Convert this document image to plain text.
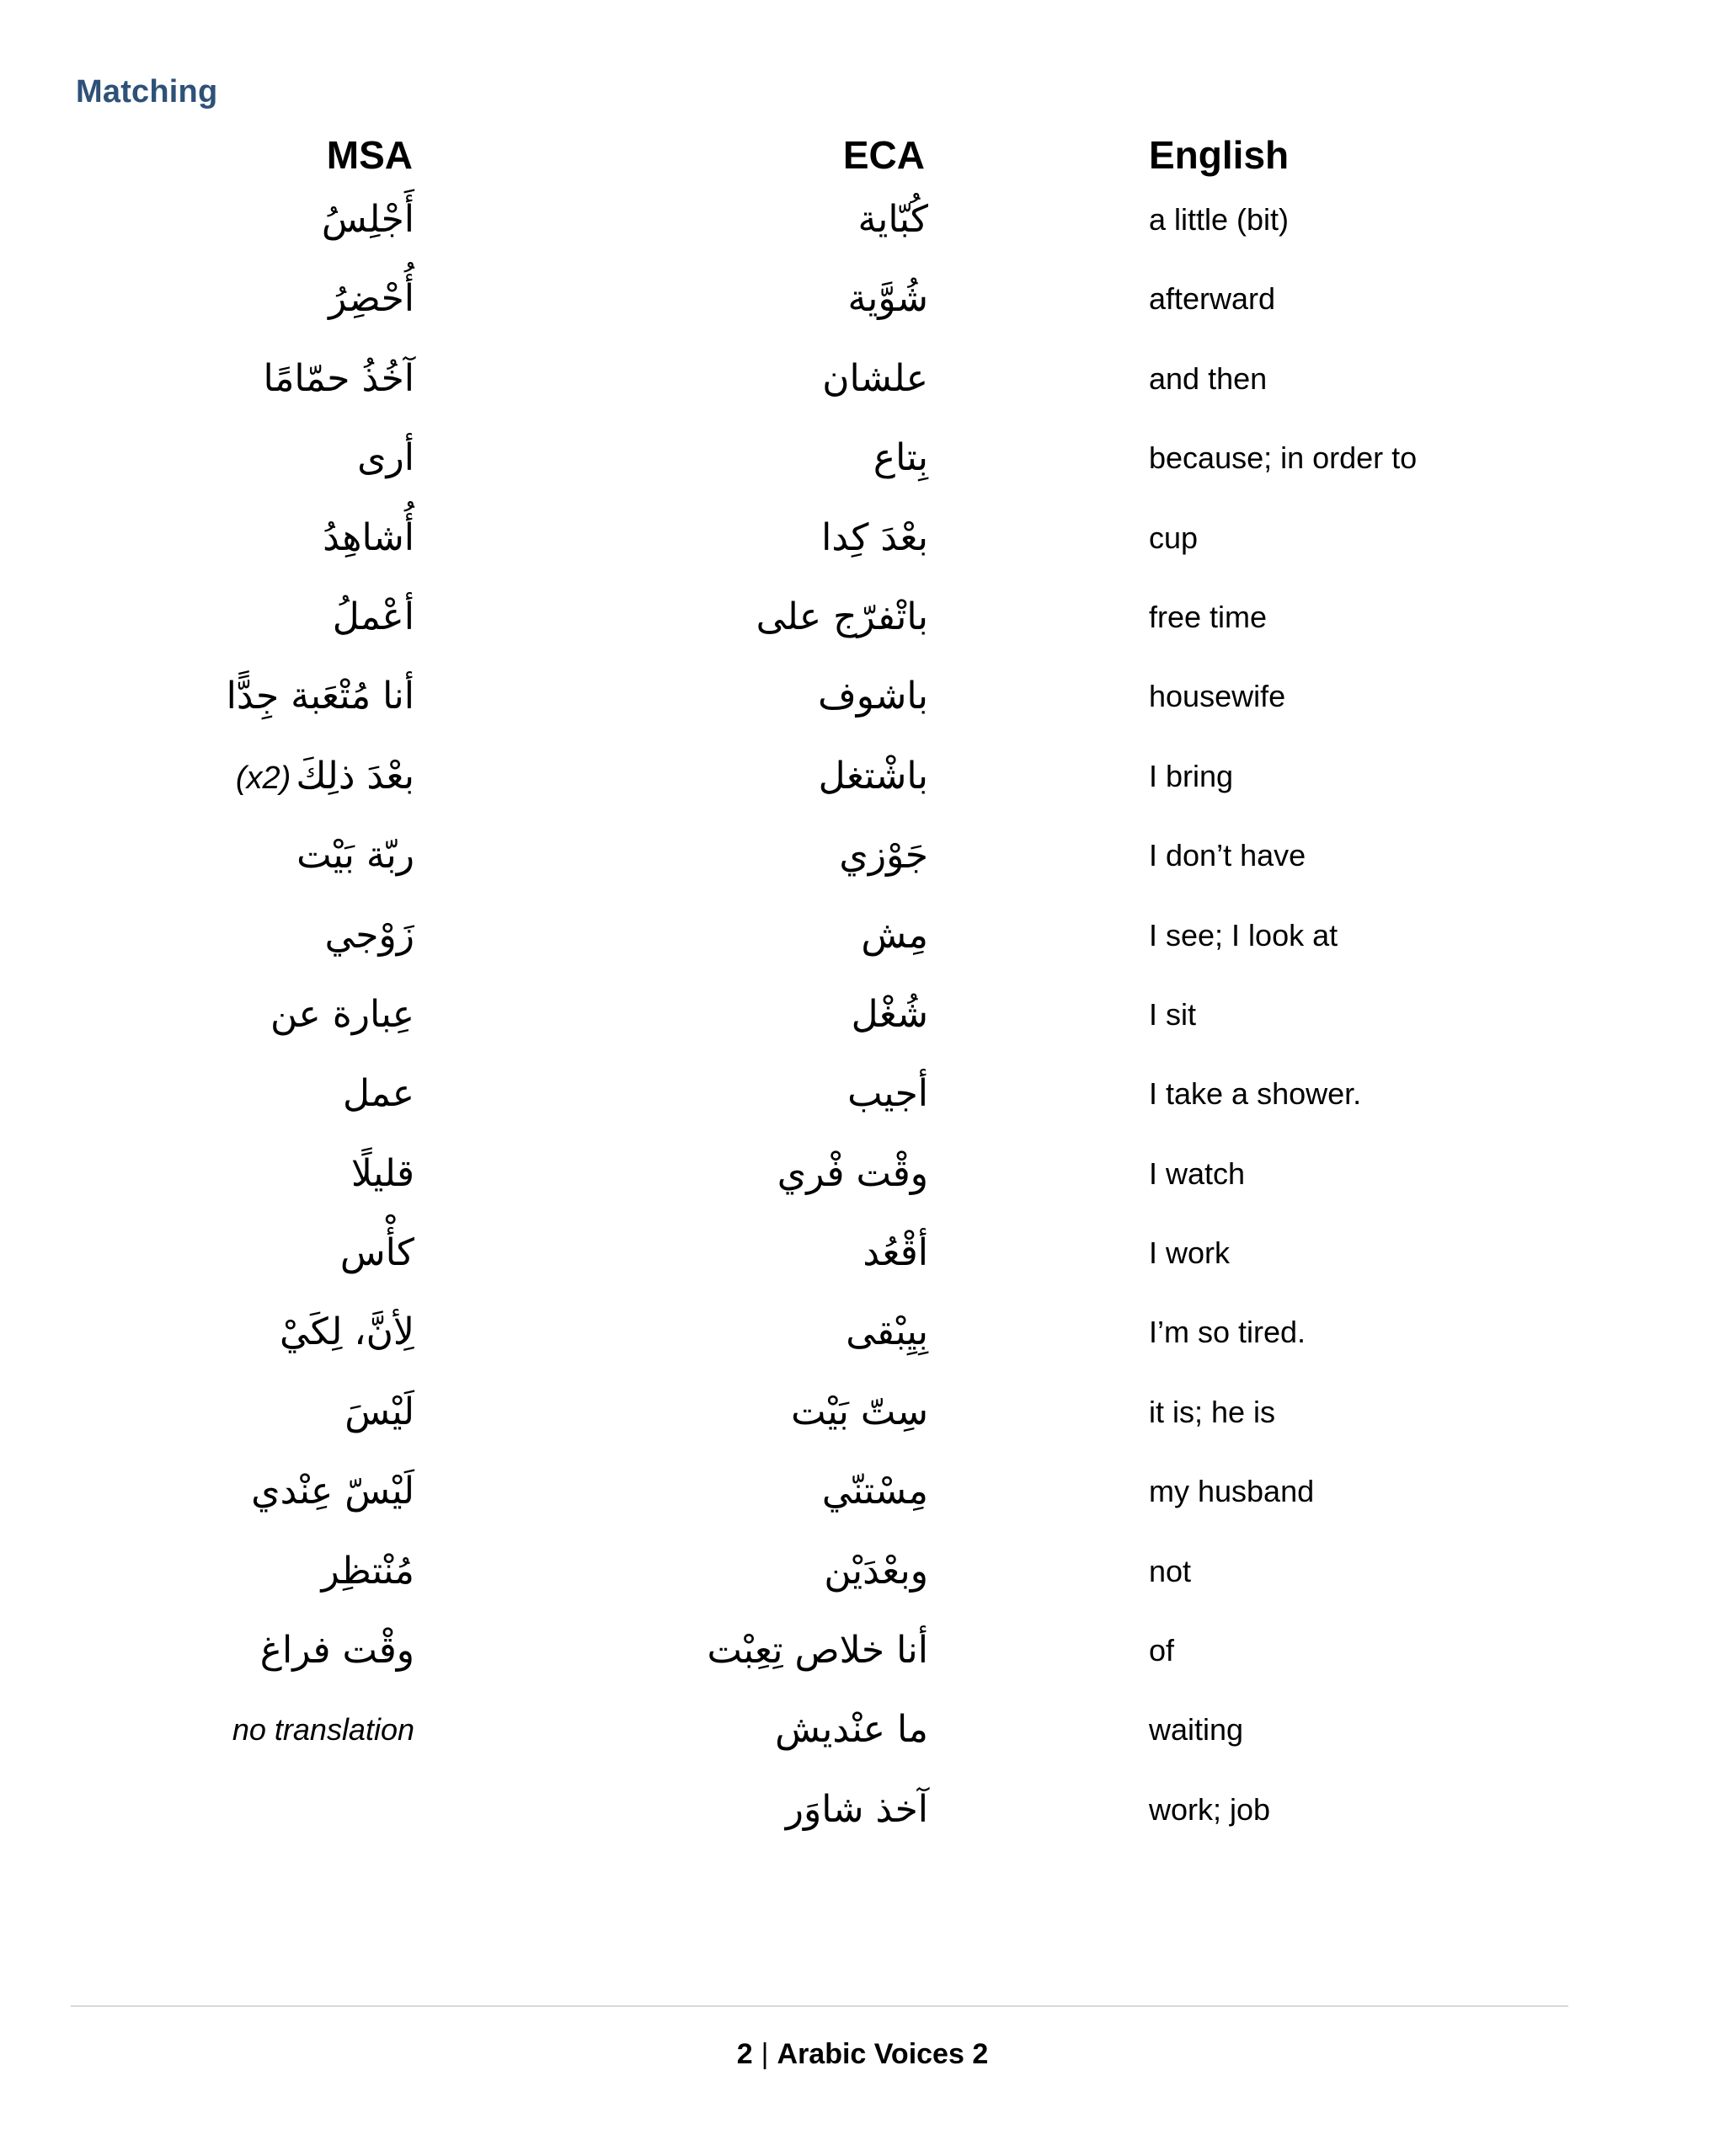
Matching
MSA	ECA	English
أجلس
أحضر
آخذ حماما
أرى
أشاهد
أعمل
أنا متعبة جدا
بعد ذلك(x2)
ربة بيت
زوجي
عبارة عن
عمل
قليل
كأس
لأن، لكي
ليس
ليس عندي
منتظر
وقت فراغ
no translation
كباية
شوية
علشان
بتاع
بعد كدا
باتفرج على
باشوف
باشتغل
جوزي
مش
شغل
أجيب
وقت فري
أقعد
بيبقى
ست بيت
مستني
وبعدين
أنا خلاص تعبت
ما عنديش
آخذ شاور
a little (bit)
afterward
and then
because; in order to
cup
free time
housewife
I bring
I don’t have
I see; I look at
I sit
I take a shower.
I watch
I work
I’m so tired.
it is; he is
my husband
not
of
waiting
work; job
2 | Arabic Voices 2
